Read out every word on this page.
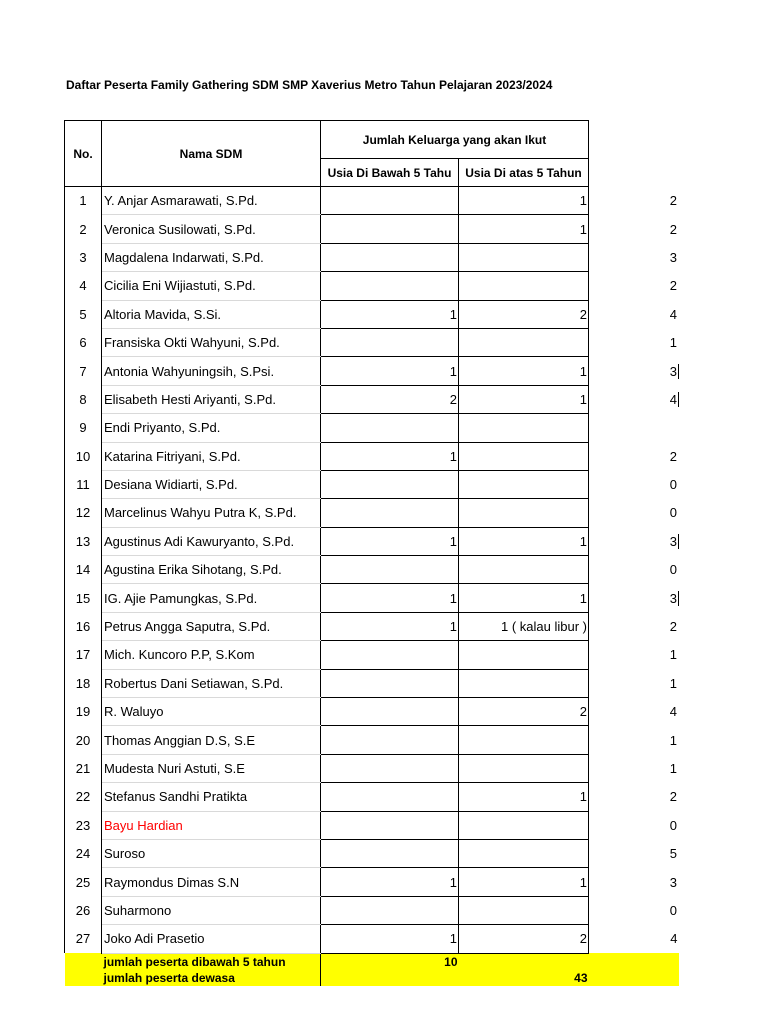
Daftar Peserta Family Gathering SDM SMP Xaverius Metro Tahun Pelajaran 2023/2024
No.	Nama SDM	Jumlah Keluarga yang akan Ikut		
		Usia Di Bawah 5 Tahu	Usia Di atas 5 Tahun	
1	Y. Anjar Asmarawati, S.Pd.		1	2
2	Veronica Susilowati, S.Pd.		1	2
3	Magdalena Indarwati, S.Pd.			3
4	Cicilia Eni Wijiastuti, S.Pd.			2
5	Altoria Mavida, S.Si.	1	2	4
6	Fransiska Okti Wahyuni, S.Pd.			1
7	Antonia Wahyuningsih, S.Psi.	1	1	3
8	Elisabeth Hesti Ariyanti, S.Pd.	2	1	4
9	Endi Priyanto, S.Pd.			
10	Katarina Fitriyani, S.Pd.	1		2
11	Desiana Widiarti, S.Pd.			0
12	Marcelinus Wahyu Putra K, S.Pd.			0
13	Agustinus Adi Kawuryanto, S.Pd.	1	1	3
14	Agustina Erika Sihotang, S.Pd.			0
15	IG. Ajie Pamungkas, S.Pd.	1	1	3
16	Petrus Angga Saputra, S.Pd.	1	1 ( kalau libur )	2
17	Mich. Kuncoro P.P, S.Kom			1
18	Robertus Dani Setiawan, S.Pd.			1
19	R. Waluyo		2	4
20	Thomas Anggian D.S, S.E			1
21	Mudesta Nuri Astuti, S.E			1
22	Stefanus Sandhi Pratikta		1	2
23	Bayu Hardian			0
24	Suroso			5
25	Raymondus Dimas S.N	1	1	3
26	Suharmono			0
27	Joko Adi Prasetio	1	2	4
	jumlah peserta dibawah 5 tahun	10		
	jumlah peserta dewasa		43	
